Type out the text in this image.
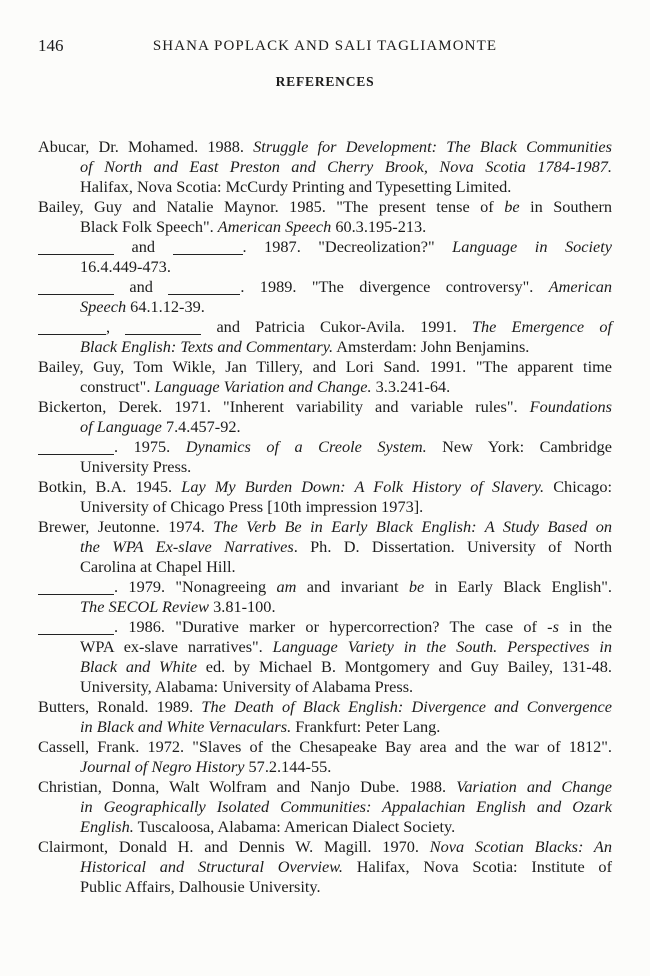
146	SHANA POPLACK AND SALI TAGLIAMONTE
REFERENCES
Abucar, Dr. Mohamed. 1988. Struggle for Development: The Black Communities
of North and East Preston and Cherry Brook, Nova Scotia 1784-1987.
Halifax, Nova Scotia: McCurdy Printing and Typesetting Limited.
Bailey, Guy and Natalie Maynor. 1985. "The present tense of be in Southern
Black Folk Speech". American Speech 60.3.195-213.
and	. 1987. "Decreolization?" Language in Society
16.4.449-473.
and	. 1989. "The divergence controversy". American
Speech 64.1.12-39.
,	and Patricia Cukor-Avila. 1991. The Emergence of
Black English: Texts and Commentary. Amsterdam: John Benjamins.
Bailey, Guy, Tom Wikle, Jan Tillery, and Lori Sand. 1991. "The apparent time
construct". Language Variation and Change. 3.3.241-64.
Bickerton, Derek. 1971. "Inherent variability and variable rules". Foundations
of Language 7.4.457-92.
. 1975. Dynamics of a Creole System. New York: Cambridge
University Press.
Botkin, B.A. 1945. Lay My Burden Down: A Folk History of Slavery. Chicago:
University of Chicago Press [10th impression 1973].
Brewer, Jeutonne. 1974. The Verb Be in Early Black English: A Study Based on
the WPA Ex-slave Narratives. Ph. D. Dissertation. University of North
Carolina at Chapel Hill.
. 1979. "Nonagreeing am and invariant be in Early Black English".
The SECOL Review 3.81-100.
. 1986. "Durative marker or hypercorrection? The case of -s in the
WPA ex-slave narratives". Language Variety in the South. Perspectives in
Black and White ed. by Michael B. Montgomery and Guy Bailey, 131-48.
University, Alabama: University of Alabama Press.
Butters, Ronald. 1989. The Death of Black English: Divergence and Convergence
in Black and White Vernaculars. Frankfurt: Peter Lang.
Cassell, Frank. 1972. "Slaves of the Chesapeake Bay area and the war of 1812".
Journal of Negro History 57.2.144-55.
Christian, Donna, Walt Wolfram and Nanjo Dube. 1988. Variation and Change
in Geographically Isolated Communities: Appalachian English and Ozark
English. Tuscaloosa, Alabama: American Dialect Society.
Clairmont, Donald H. and Dennis W. Magill. 1970. Nova Scotian Blacks: An
Historical and Structural Overview. Halifax, Nova Scotia: Institute of
Public Affairs, Dalhousie University.
